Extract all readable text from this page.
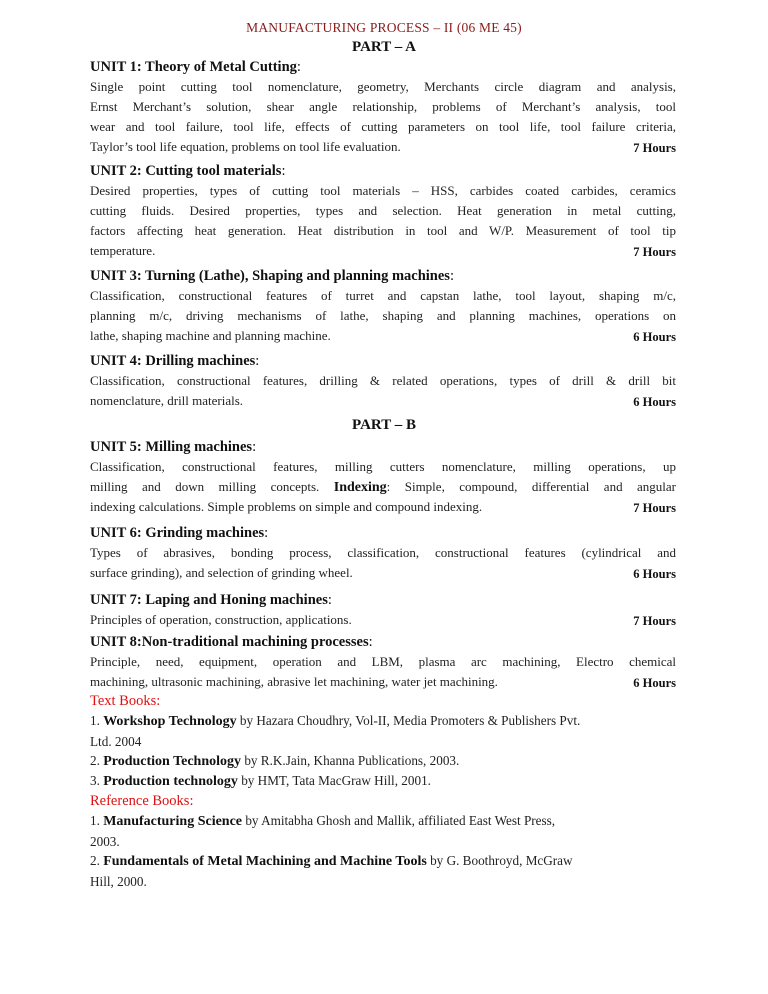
MANUFACTURING PROCESS – II (06 ME 45)
PART – A
UNIT 1: Theory of Metal Cutting:
Single point cutting tool nomenclature, geometry, Merchants circle diagram and analysis,
Ernst Merchant’s solution, shear angle relationship, problems of Merchant’s analysis, tool
wear and tool failure, tool life, effects of cutting parameters on tool life, tool failure criteria,
Taylor’s tool life equation, problems on tool life evaluation.	7 Hours
UNIT 2: Cutting tool materials:
Desired properties, types of cutting tool materials – HSS, carbides coated carbides, ceramics
cutting fluids. Desired properties, types and selection. Heat generation in metal cutting,
factors affecting heat generation. Heat distribution in tool and W/P. Measurement of tool tip
temperature.	7 Hours
UNIT 3: Turning (Lathe), Shaping and planning machines:
Classification, constructional features of turret and capstan lathe, tool layout, shaping m/c,
planning m/c, driving mechanisms of lathe, shaping and planning machines, operations on
lathe, shaping machine and planning machine.	6 Hours
UNIT 4: Drilling machines:
Classification, constructional features, drilling & related operations, types of drill & drill bit
nomenclature, drill materials.	6 Hours
PART – B
UNIT 5: Milling machines:
Classification, constructional features, milling cutters nomenclature, milling operations, up
milling and down milling concepts. Indexing: Simple, compound, differential and angular
indexing calculations. Simple problems on simple and compound indexing.	7 Hours
UNIT 6: Grinding machines:
Types of abrasives, bonding process, classification, constructional features (cylindrical and
surface grinding), and selection of grinding wheel.	6 Hours
UNIT 7: Laping and Honing machines:
Principles of operation, construction, applications.	7 Hours
UNIT 8:Non-traditional machining processes:
Principle, need, equipment, operation and LBM, plasma arc machining, Electro chemical
machining, ultrasonic machining, abrasive let machining, water jet machining.	6 Hours
Text Books:
1. Workshop Technology by Hazara Choudhry, Vol-II, Media Promoters & Publishers Pvt.
Ltd. 2004
2. Production Technology by R.K.Jain, Khanna Publications, 2003.
3. Production technology by HMT, Tata MacGraw Hill, 2001.
Reference Books:
1. Manufacturing Science by Amitabha Ghosh and Mallik, affiliated East West Press,
2003.
2. Fundamentals of Metal Machining and Machine Tools by G. Boothroyd, McGraw
Hill, 2000.
